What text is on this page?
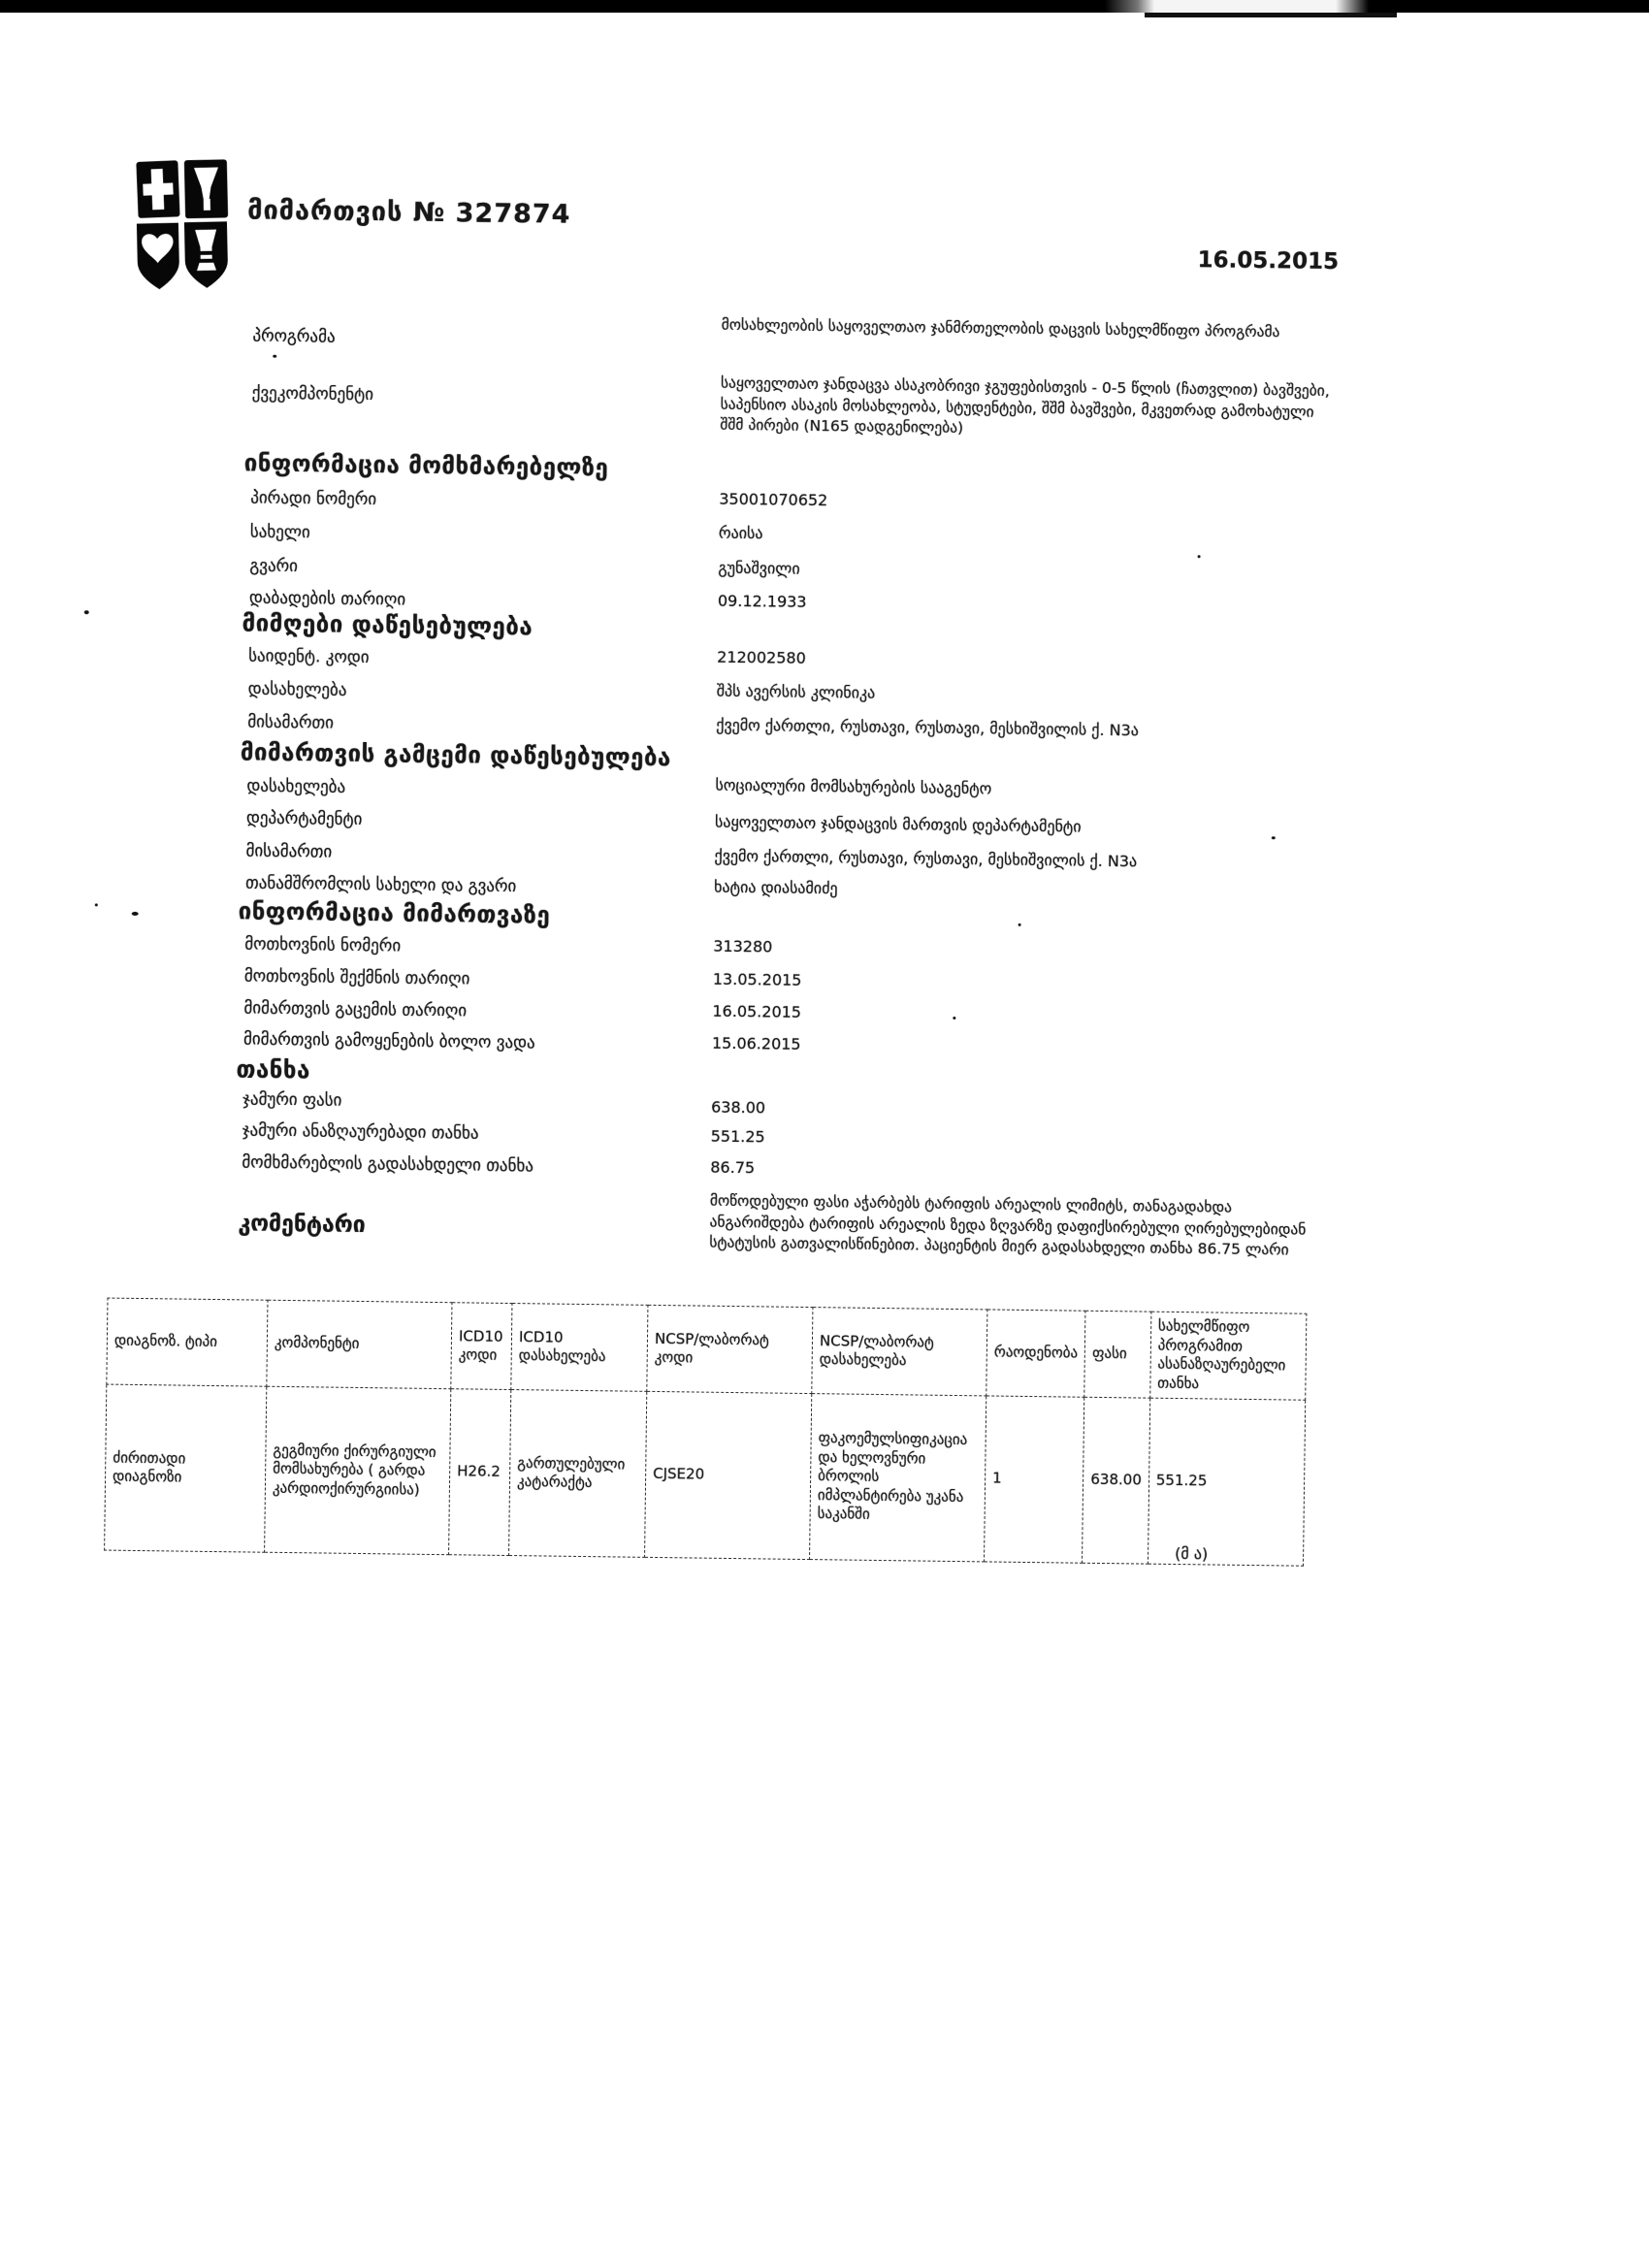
მიმართვის № 327874
16.05.2015
პროგრამა	მოსახლეობის საყოველთაო ჯანმრთელობის დაცვის სახელმწიფო პროგრამა
ქვეკომპონენტი	საყოველთაო ჯანდაცვა ასაკობრივი ჯგუფებისთვის - 0-5 წლის (ჩათვლით) ბავშვები, საპენსიო ასაკის მოსახლეობა, სტუდენტები, შშმ ბავშვები, მკვეთრად გამოხატული შშმ პირები (N165 დადგენილება)
ინფორმაცია მომხმარებელზე
პირადი ნომერი	35001070652
სახელი	რაისა
გვარი	გუნაშვილი
დაბადების თარიღი	09.12.1933
მიმღები დაწესებულება
საიდენტ. კოდი	212002580
დასახელება	შპს ავერსის კლინიკა
მისამართი	ქვემო ქართლი, რუსთავი, რუსთავი, მესხიშვილის ქ. N3ა
მიმართვის გამცემი დაწესებულება
დასახელება	სოციალური მომსახურების სააგენტო
დეპარტამენტი	საყოველთაო ჯანდაცვის მართვის დეპარტამენტი
მისამართი	ქვემო ქართლი, რუსთავი, რუსთავი, მესხიშვილის ქ. N3ა
თანამშრომლის სახელი და გვარი	ხატია დიასამიძე
ინფორმაცია მიმართვაზე
მოთხოვნის ნომერი	313280
მოთხოვნის შექმნის თარიღი	13.05.2015
მიმართვის გაცემის თარიღი	16.05.2015
მიმართვის გამოყენების ბოლო ვადა	15.06.2015
თანხა
ჯამური ფასი	638.00
ჯამური ანაზღაურებადი თანხა	551.25
მომხმარებლის გადასახდელი თანხა	86.75
კომენტარი
მოწოდებული ფასი აჭარბებს ტარიფის არეალის ლიმიტს, თანაგადახდა ანგარიშდება ტარიფის არეალის ზედა ზღვარზე დაფიქსირებული ღირებულებიდან სტატუსის გათვალისწინებით. პაციენტის მიერ გადასახდელი თანხა 86.75 ლარი
დიაგნოზ. ტიპი	კომპონენტი	ICD10 კოდი	ICD10 დასახელება	NCSP/ლაბორატ კოდი	NCSP/ლაბორატ დასახელება	რაოდენობა	ფასი	სახელმწიფო პროგრამით ასანაზღაურებელი თანხა
ძირითადი დიაგნოზი	გეგმიური ქირურგიული მომსახურება ( გარდა კარდიოქირურგიისა)	H26.2	გართულებული კატარაქტა	CJSE20	ფაკოემულსიფიკაცია და ხელოვნური ბროლის იმპლანტირება უკანა საკანში	1	638.00	551.25
(მ ა)
